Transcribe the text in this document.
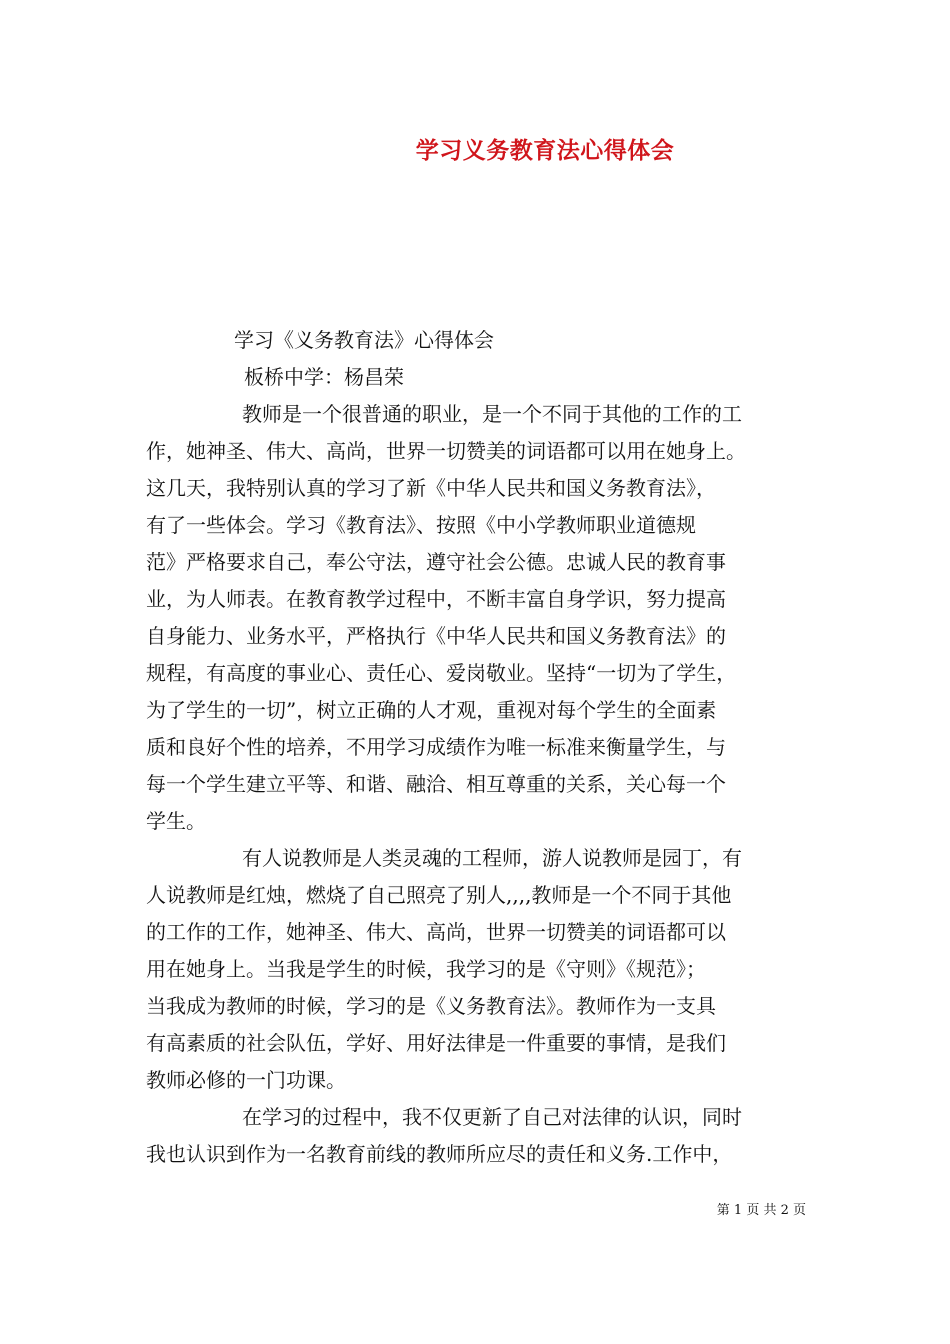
学习义务教育法心得体会
学习《义务教育法》心得体会
板桥中学：杨昌荣
教师是一个很普通的职业，是一个不同于其他的工作的工
作，她神圣、伟大、高尚，世界一切赞美的词语都可以用在她身上。
这几天，我特别认真的学习了新《中华人民共和国义务教育法》，
有了一些体会。学习《教育法》、按照《中小学教师职业道德规
范》严格要求自己，奉公守法，遵守社会公德。忠诚人民的教育事
业，为人师表。在教育教学过程中，不断丰富自身学识，努力提高
自身能力、业务水平，严格执行《中华人民共和国义务教育法》的
规程，有高度的事业心、责任心、爱岗敬业。坚持“一切为了学生，
为了学生的一切”，树立正确的人才观，重视对每个学生的全面素
质和良好个性的培养，不用学习成绩作为唯一标准来衡量学生，与
每一个学生建立平等、和谐、融洽、相互尊重的关系，关心每一个
学生。
有人说教师是人类灵魂的工程师，游人说教师是园丁，有
人说教师是红烛，燃烧了自己照亮了别人,,,,教师是一个不同于其他
的工作的工作，她神圣、伟大、高尚，世界一切赞美的词语都可以
用在她身上。当我是学生的时候，我学习的是《守则》《规范》；
当我成为教师的时候，学习的是《义务教育法》。教师作为一支具
有高素质的社会队伍，学好、用好法律是一件重要的事情，是我们
教师必修的一门功课。
在学习的过程中，我不仅更新了自己对法律的认识，同时
我也认识到作为一名教育前线的教师所应尽的责任和义务.工作中，
第 1 页 共 2 页
